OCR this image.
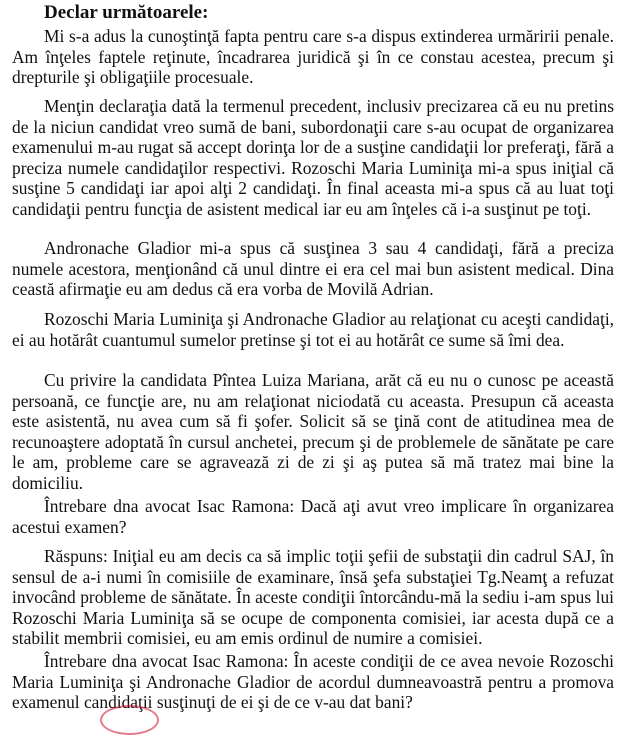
Declar următoarele:

Mi s-a adus la cunoştinţă fapta pentru care s-a dispus extinderea urmăririi penale. Am înţeles faptele reţinute, încadrarea juridică şi în ce constau acestea, precum şi drepturile şi obligaţiile procesuale.

Menţin declaraţia dată la termenul precedent, inclusiv precizarea că eu nu pretins de la niciun candidat vreo sumă de bani, subordonaţii care s-au ocupat de organizarea examenului m-au rugat să accept dorinţa lor de a susţine candidaţii lor preferaţi, fără a preciza numele candidaţilor respectivi. Rozoschi Maria Luminiţa mi-a spus iniţial că susţine 5 candidaţi iar apoi alţi 2 candidaţi. În final aceasta mi-a spus că au luat toţi candidaţii pentru funcţia de asistent medical iar eu am înţeles că i-a susţinut pe toţi.

Andronache Gladior mi-a spus că susţinea 3 sau 4 candidaţi, fără a preciza numele acestora, menţionând că unul dintre ei era cel mai bun asistent medical. Dina ceastă afirmaţie eu am dedus că era vorba de Movilă Adrian.

Rozoschi Maria Luminiţa şi Andronache Gladior au relaţionat cu aceşti candidaţi, ei au hotărât cuantumul sumelor pretinse şi tot ei au hotărât ce sume să îmi dea.

Cu privire la candidata Pîntea Luiza Mariana, arăt că eu nu o cunosc pe această persoană, ce funcţie are, nu am relaţionat niciodată cu aceasta. Presupun că aceasta este asistentă, nu avea cum să fi şofer. Solicit să se ţină cont de atitudinea mea de recunoaştere adoptată în cursul anchetei, precum şi de problemele de sănătate pe care le am, probleme care se agravează zi de zi şi aş putea să mă tratez mai bine la domiciliu.

Întrebare dna avocat Isac Ramona: Dacă aţi avut vreo implicare în organizarea acestui examen?

Răspuns: Iniţial eu am decis ca să implic toţii şefii de substaţii din cadrul SAJ, în sensul de a-i numi în comisiile de examinare, însă şefa substaţiei Tg.Neamţ a refuzat invocând probleme de sănătate. În aceste condiţii întorcându-mă la sediu i-am spus lui Rozoschi Maria Luminiţa să se ocupe de componenta comisiei, iar acesta după ce a stabilit membrii comisiei, eu am emis ordinul de numire a comisiei.

Întrebare dna avocat Isac Ramona: În aceste condiţii de ce avea nevoie Rozoschi Maria Luminiţa şi Andronache Gladior de acordul dumneavoastră pentru a promova examenul candidaţii susţinuţi de ei şi de ce v-au dat bani?
